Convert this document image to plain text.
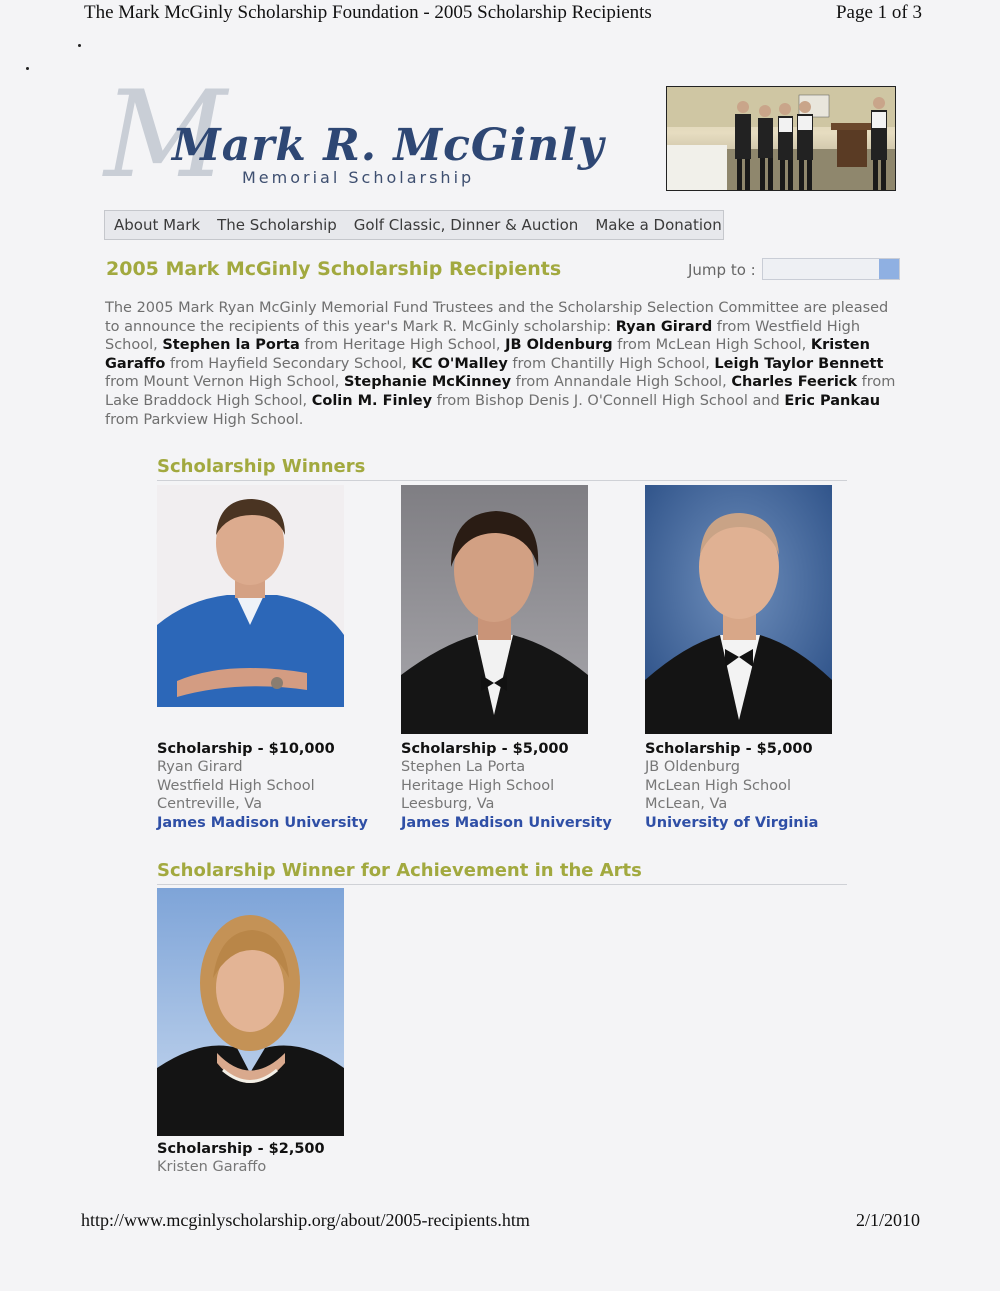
The Mark McGinly Scholarship Foundation - 2005 Scholarship Recipients	Page 1 of 3
M
Mark R. McGinly
Memorial Scholarship
About Mark The Scholarship Golf Classic, Dinner & Auction Make a Donation
2005 Mark McGinly Scholarship Recipients	Jump to :
The 2005 Mark Ryan McGinly Memorial Fund Trustees and the Scholarship Selection Committee are pleased to announce the recipients of this year's Mark R. McGinly scholarship: Ryan Girard from Westfield High School, Stephen la Porta from Heritage High School, JB Oldenburg from McLean High School, Kristen Garaffo from Hayfield Secondary School, KC O'Malley from Chantilly High School, Leigh Taylor Bennett from Mount Vernon High School, Stephanie McKinney from Annandale High School, Charles Feerick from Lake Braddock High School, Colin M. Finley from Bishop Denis J. O'Connell High School and Eric Pankau from Parkview High School.
Scholarship Winners
Scholarship - $10,000
Ryan Girard
Westfield High School
Centreville, Va
James Madison University
Scholarship - $5,000
Stephen La Porta
Heritage High School
Leesburg, Va
James Madison University
Scholarship - $5,000
JB Oldenburg
McLean High School
McLean, Va
University of Virginia
Scholarship Winner for Achievement in the Arts
Scholarship - $2,500
Kristen Garaffo
http://www.mcginlyscholarship.org/about/2005-recipients.htm	2/1/2010
